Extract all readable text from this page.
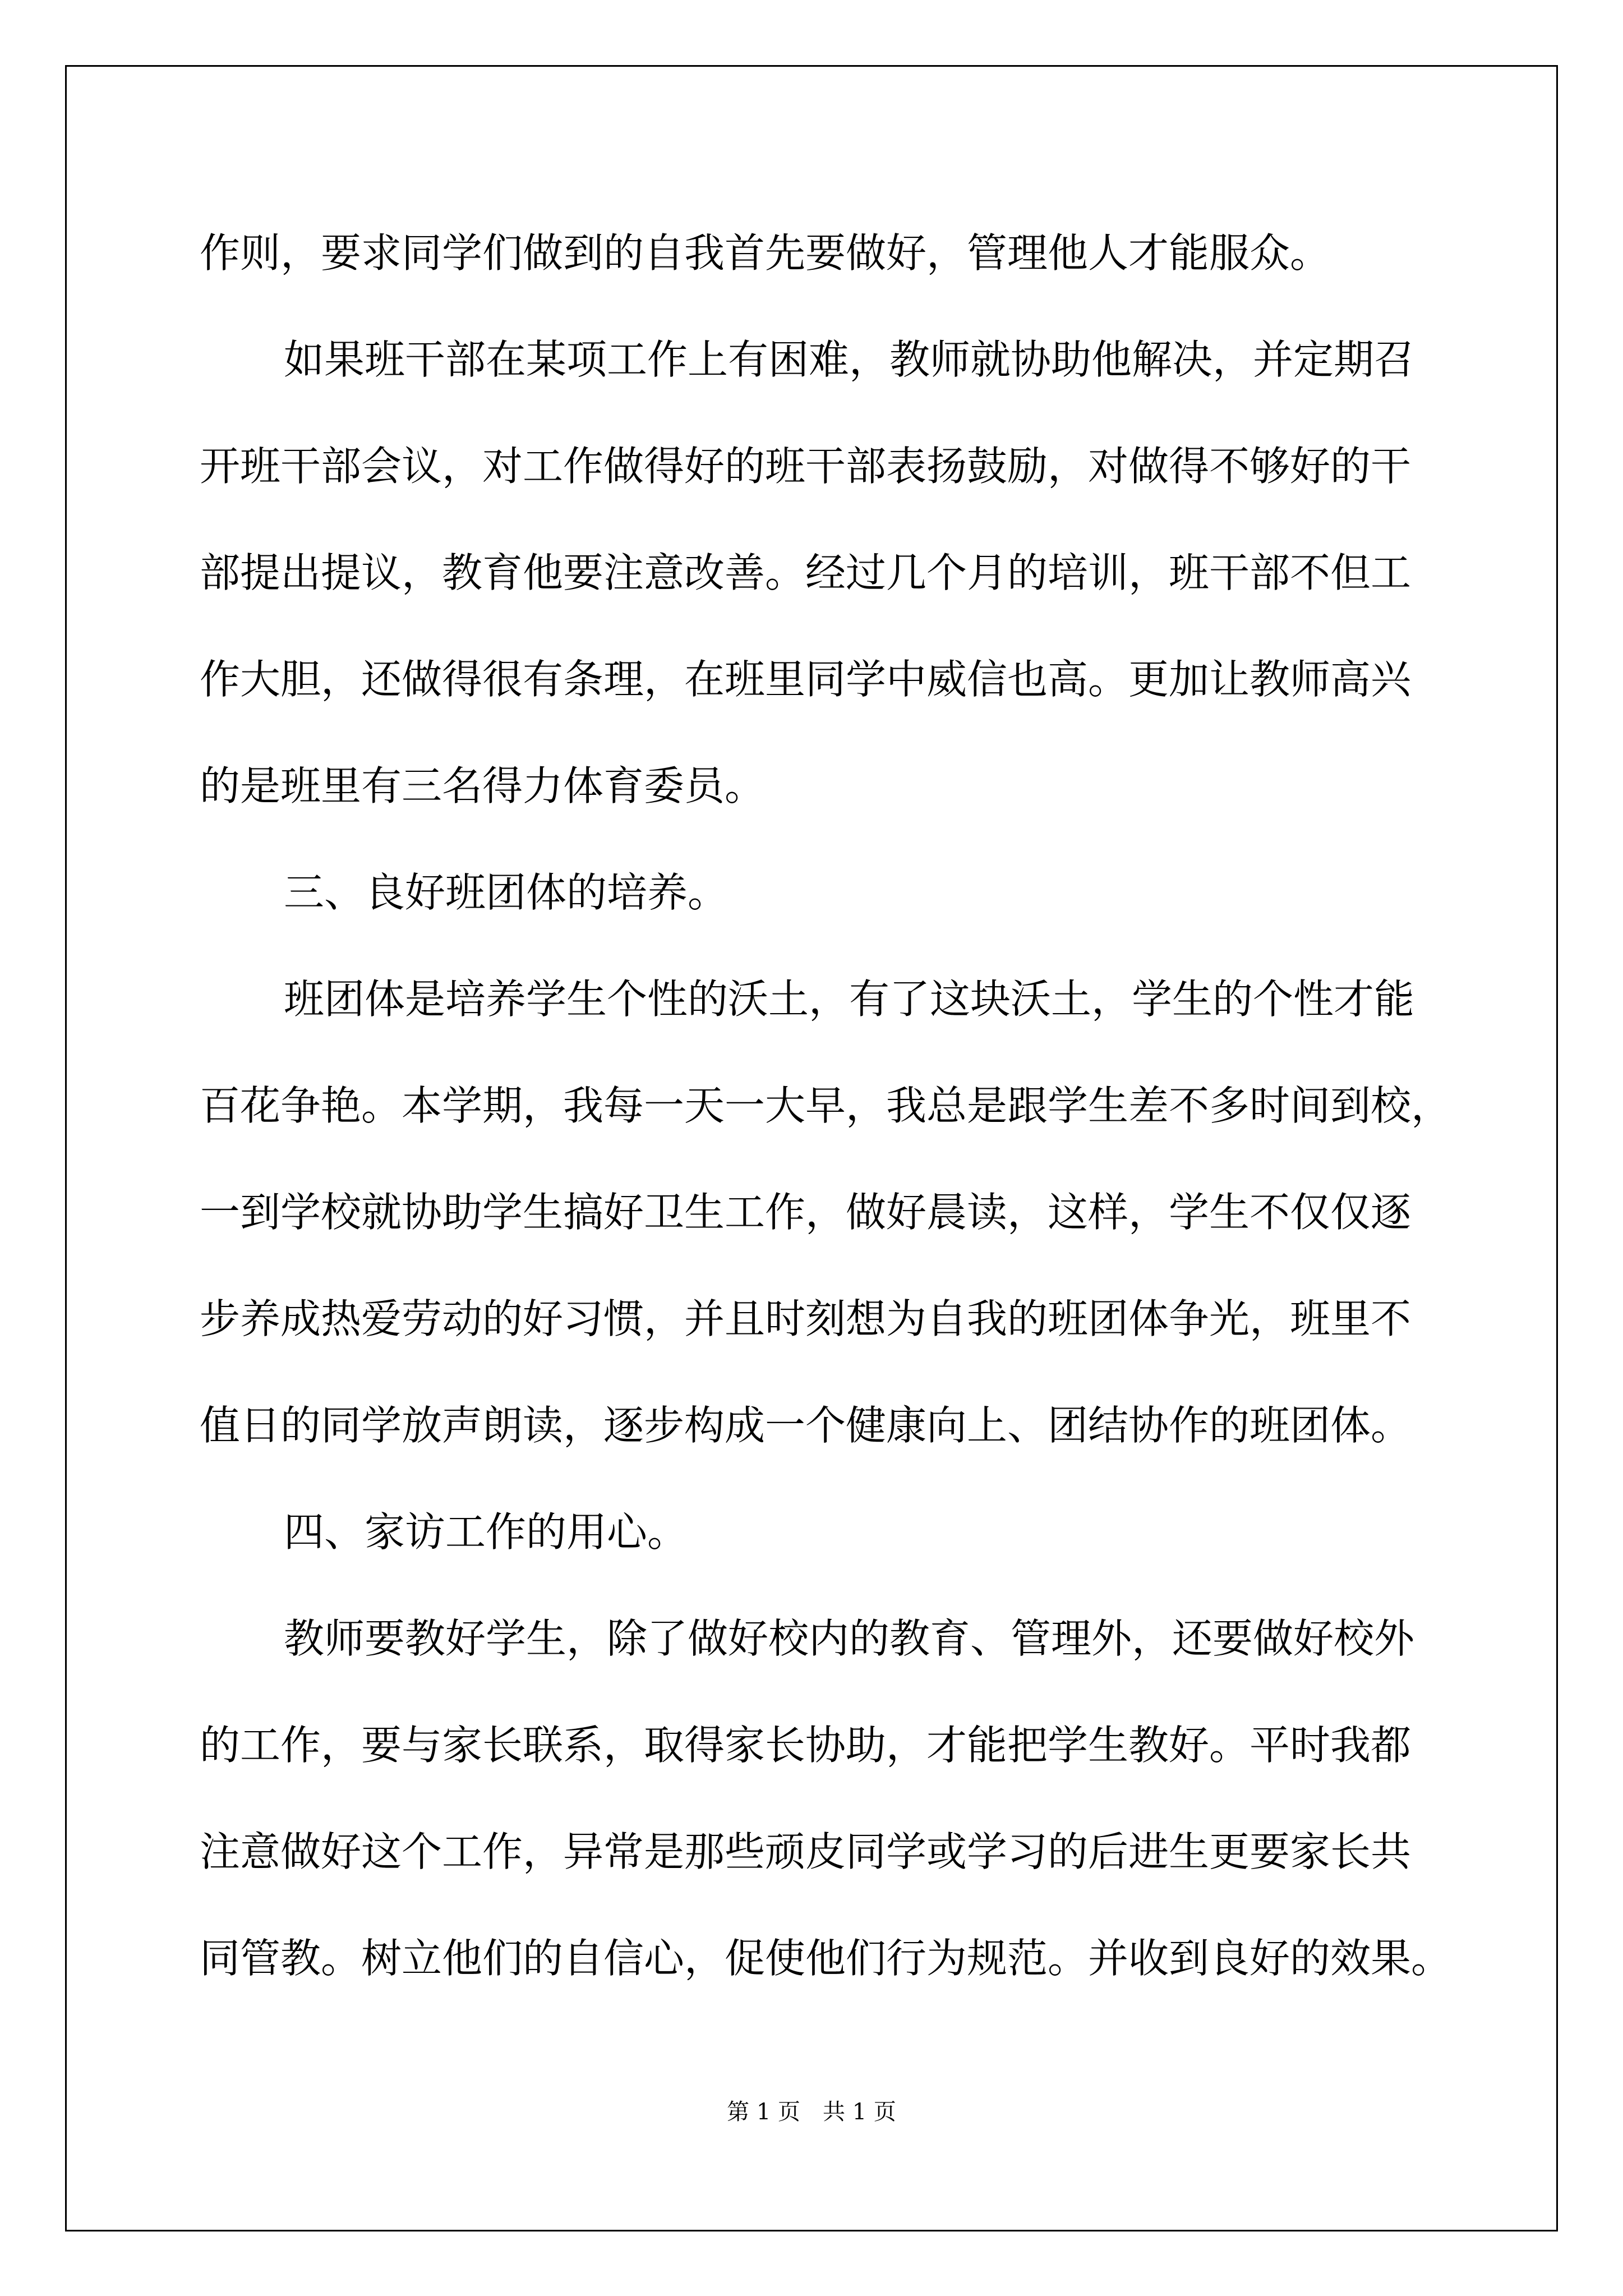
作则，要求同学们做到的自我首先要做好，管理他人才能服众。
如果班干部在某项工作上有困难，教师就协助他解决，并定期召
开班干部会议，对工作做得好的班干部表扬鼓励，对做得不够好的干
部提出提议，教育他要注意改善。经过几个月的培训，班干部不但工
作大胆，还做得很有条理，在班里同学中威信也高。更加让教师高兴
的是班里有三名得力体育委员。
三、良好班团体的培养。
班团体是培养学生个性的沃土，有了这块沃土，学生的个性才能
百花争艳。本学期，我每一天一大早，我总是跟学生差不多时间到校，
一到学校就协助学生搞好卫生工作，做好晨读，这样，学生不仅仅逐
步养成热爱劳动的好习惯，并且时刻想为自我的班团体争光，班里不
值日的同学放声朗读，逐步构成一个健康向上、团结协作的班团体。
四、家访工作的用心。
教师要教好学生，除了做好校内的教育、管理外，还要做好校外
的工作，要与家长联系，取得家长协助，才能把学生教好。平时我都
注意做好这个工作，异常是那些顽皮同学或学习的后进生更要家长共
同管教。树立他们的自信心，促使他们行为规范。并收到良好的效果。
第 1 页　共 1 页
